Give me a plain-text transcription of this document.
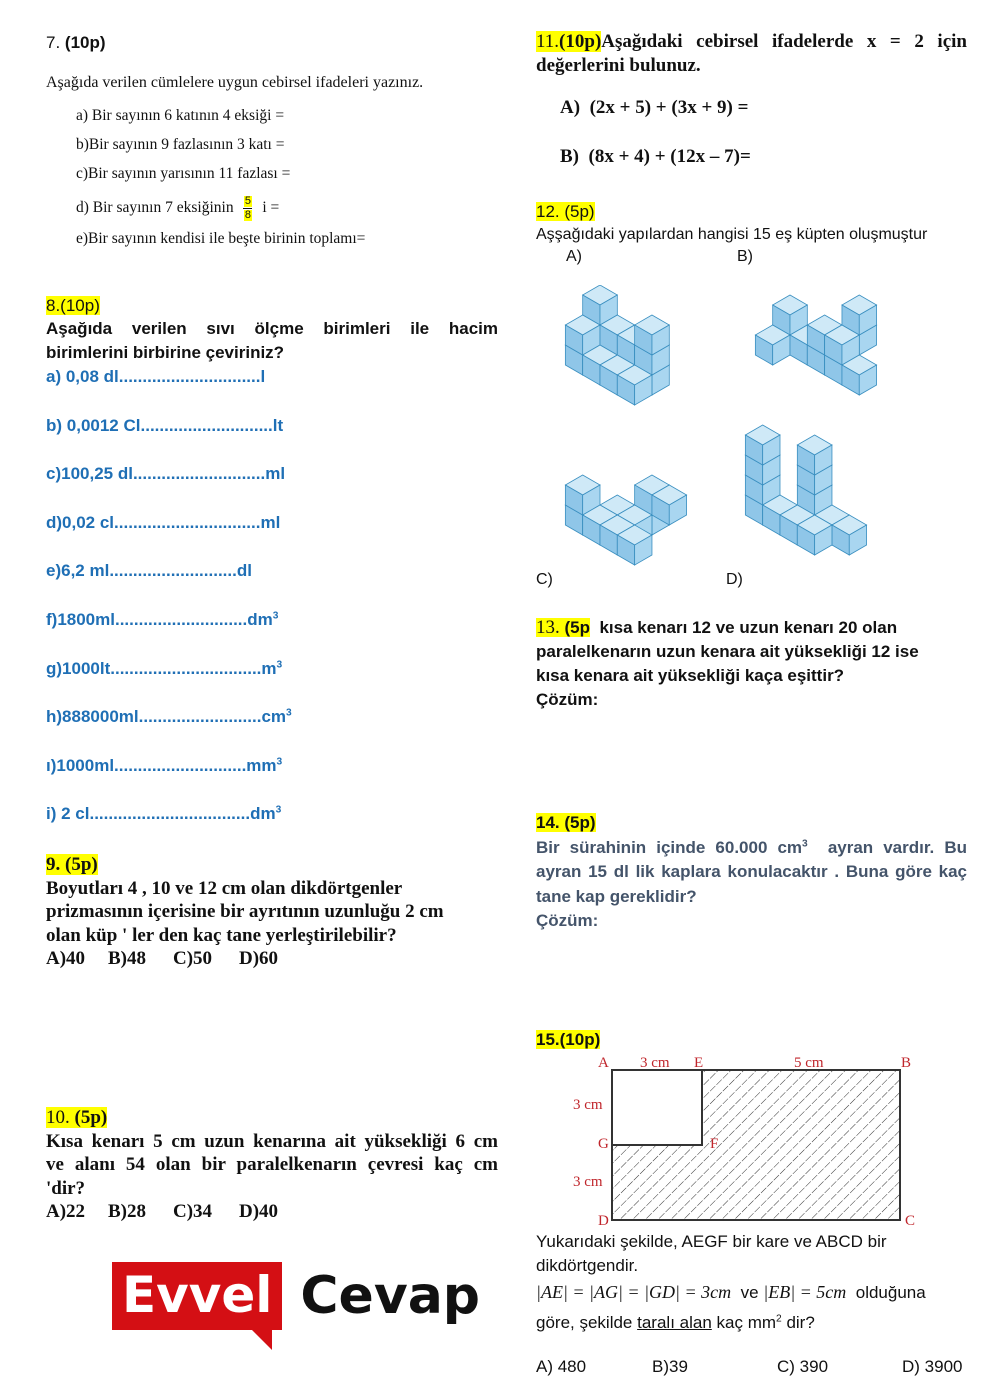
7. (10p)
Aşağıda verilen cümlelere uygun cebirsel ifadeleri yazınız.
a) Bir sayının 6 katının 4 eksiği =
b)Bir sayının 9 fazlasının 3 katı =
c)Bir sayının yarısının 11 fazlası =
d) Bir sayının 7 eksiğinin $\frac{5}{8}$ i =
e)Bir sayının kendisi ile beşte birinin toplamı=
8.(10p)
Aşağıda verilen sıvı ölçme birimleri ile hacim
birimlerini birbirine çeviriniz?
a) 0,08 dl..............................l
b) 0,0012 Cl............................lt
c)100,25 dl............................ml
d)0,02 cl...............................ml
e)6,2 ml...........................dl
$f)1800ml............................dm^3$
$g)1000lt................................m^3$
$h)888000ml..........................cm^3$
$ı)1000ml............................mm^3$
i) 2 $cl..................................dm^3$
9. (5p)
Boyutları 4 , 10 ve 12 cm olan dikdörtgenler
prizmasının içerisine bir ayrıtının uzunluğu 2 cm
olan küp ' ler den kaç tane yerleştirilebilir?
A)40 B)48 C)50 D)60
10. (5p)
Kısa kenarı 5 cm uzun kenarına ait yüksekliği 6 cm
ve alanı 54 olan bir paralelkenarın çevresi kaç cm
'dir?
A)22 B)28 C)34 D)40
Evvel Cevap
11.(10p)Aşağıdaki cebirsel ifadelerde x = 2 için
değerlerini bulunuz.
A) (2x + 5) + (3x + 9) =
B) (8x + 4) + (12x – 7)=
12. (5p)
Aşşağıdaki yapılardan hangisi 15 eş küpten oluşmuştur
A)	B)
C)	D)
13. (5p kısa kenarı 12 ve uzun kenarı 20 olan
paralelkenarın uzun kenara ait yüksekliği 12 ise
kısa kenara ait yüksekliği kaça eşittir?
Çözüm:
14. (5p)
Bir sürahinin içinde 60.000 $cm^3$ ayran vardır. Bu
ayran 15 dl lik kaplara konulacaktır . Buna göre kaç
tane kap gereklidir?
Çözüm:
15.(10p)
A 3 cm E	5 cm	B
3 cm
G	F
3 cm
D	C
Yukarıdaki şekilde, AEGF bir kare ve ABCD bir
dikdörtgendir.
|AE| = |AG| = |GD| = 3cm ve |EB| = 5cm olduğuna
göre, şekilde taralı alan kaç $mm^2$ dir?
A) 480	B)39	C) 390	D) 3900
